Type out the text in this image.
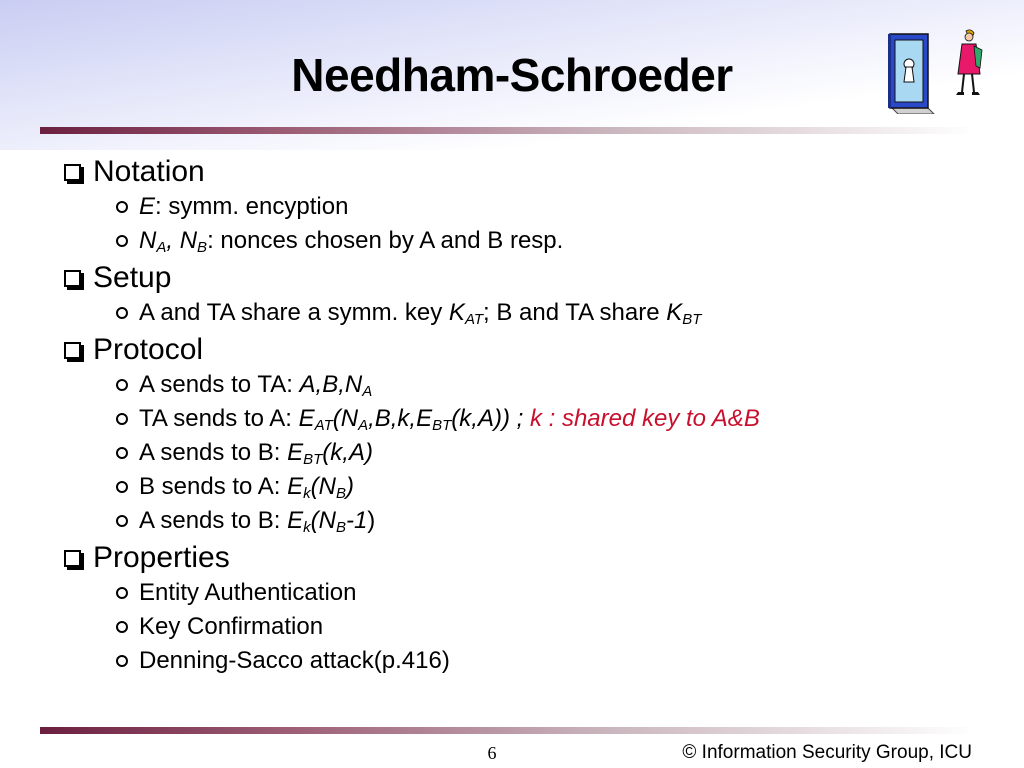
Needham-Schroeder
Notation
E: symm. encyption
$N_A$, $N_B$: nonces chosen by A and B resp.
Setup
A and TA share a symm. key $K_{AT}$; B and TA share $K_{BT}$
Protocol
A sends to TA: $A,B,N_A$
TA sends to A: $E_{AT}(N_A,B,k,E_{BT}(k,A))$ ; k : shared key to A&B
A sends to B: $E_{BT}(k,A)$
B sends to A: $E_k(N_B)$
A sends to B: $E_k(N_B-1)$
Properties
Entity Authentication
Key Confirmation
Denning-Sacco attack(p.416)
6	© Information Security Group, ICU
